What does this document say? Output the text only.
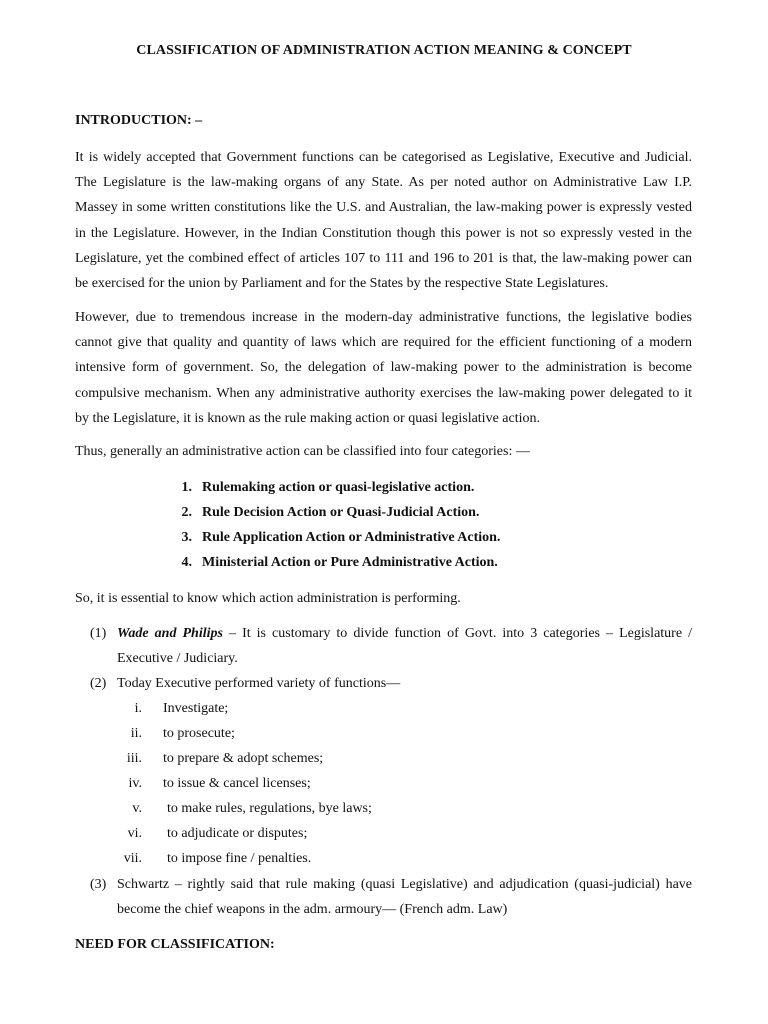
CLASSIFICATION OF ADMINISTRATION ACTION MEANING & CONCEPT
INTRODUCTION: –
It is widely accepted that Government functions can be categorised as Legislative, Executive and Judicial. The Legislature is the law-making organs of any State. As per noted author on Administrative Law I.P. Massey in some written constitutions like the U.S. and Australian, the law-making power is expressly vested in the Legislature. However, in the Indian Constitution though this power is not so expressly vested in the Legislature, yet the combined effect of articles 107 to 111 and 196 to 201 is that, the law-making power can be exercised for the union by Parliament and for the States by the respective State Legislatures.
However, due to tremendous increase in the modern-day administrative functions, the legislative bodies cannot give that quality and quantity of laws which are required for the efficient functioning of a modern intensive form of government. So, the delegation of law-making power to the administration is become compulsive mechanism. When any administrative authority exercises the law-making power delegated to it by the Legislature, it is known as the rule making action or quasi legislative action.
Thus, generally an administrative action can be classified into four categories: —
1. Rulemaking action or quasi-legislative action.
2. Rule Decision Action or Quasi-Judicial Action.
3. Rule Application Action or Administrative Action.
4. Ministerial Action or Pure Administrative Action.
So, it is essential to know which action administration is performing.
(1) Wade and Philips – It is customary to divide function of Govt. into 3 categories – Legislature / Executive / Judiciary.
(2) Today Executive performed variety of functions—
i. Investigate;
ii. to prosecute;
iii. to prepare & adopt schemes;
iv. to issue & cancel licenses;
v. to make rules, regulations, bye laws;
vi. to adjudicate or disputes;
vii. to impose fine / penalties.
(3) Schwartz – rightly said that rule making (quasi Legislative) and adjudication (quasi-judicial) have become the chief weapons in the adm. armoury— (French adm. Law)
NEED FOR CLASSIFICATION:
